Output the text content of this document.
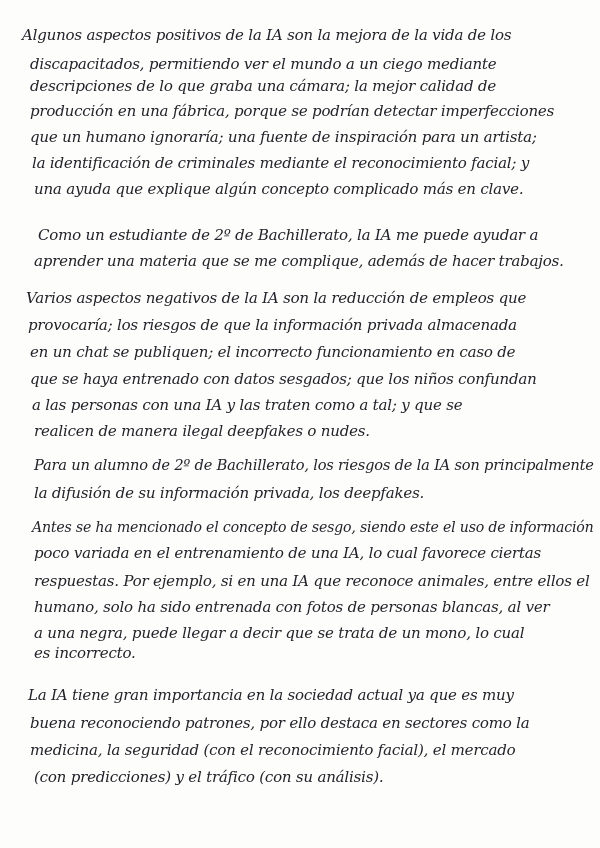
Algunos aspectos positivos de la IA son la mejora de la vida de los
discapacitados, permitiendo ver el mundo a un ciego mediante
descripciones de lo que graba una cámara; la mejor calidad de
producción en una fábrica, porque se podrían detectar imperfecciones
que un humano ignoraría; una fuente de inspiración para un artista;
la identificación de criminales mediante el reconocimiento facial; y
una ayuda que explique algún concepto complicado más en clave.
Como un estudiante de 2º de Bachillerato, la IA me puede ayudar a
aprender una materia que se me complique, además de hacer trabajos.
Varios aspectos negativos de la IA son la reducción de empleos que
provocaría; los riesgos de que la información privada almacenada
en un chat se publiquen; el incorrecto funcionamiento en caso de
que se haya entrenado con datos sesgados; que los niños confundan
a las personas con una IA y las traten como a tal; y que se
realicen de manera ilegal deepfakes o nudes.
Para un alumno de 2º de Bachillerato, los riesgos de la IA son principalmente
la difusión de su información privada, los deepfakes.
Antes se ha mencionado el concepto de sesgo, siendo este el uso de información
poco variada en el entrenamiento de una IA, lo cual favorece ciertas
respuestas. Por ejemplo, si en una IA que reconoce animales, entre ellos el
humano, solo ha sido entrenada con fotos de personas blancas, al ver
a una negra, puede llegar a decir que se trata de un mono, lo cual
es incorrecto.
La IA tiene gran importancia en la sociedad actual ya que es muy
buena reconociendo patrones, por ello destaca en sectores como la
medicina, la seguridad (con el reconocimiento facial), el mercado
(con predicciones) y el tráfico (con su análisis).
